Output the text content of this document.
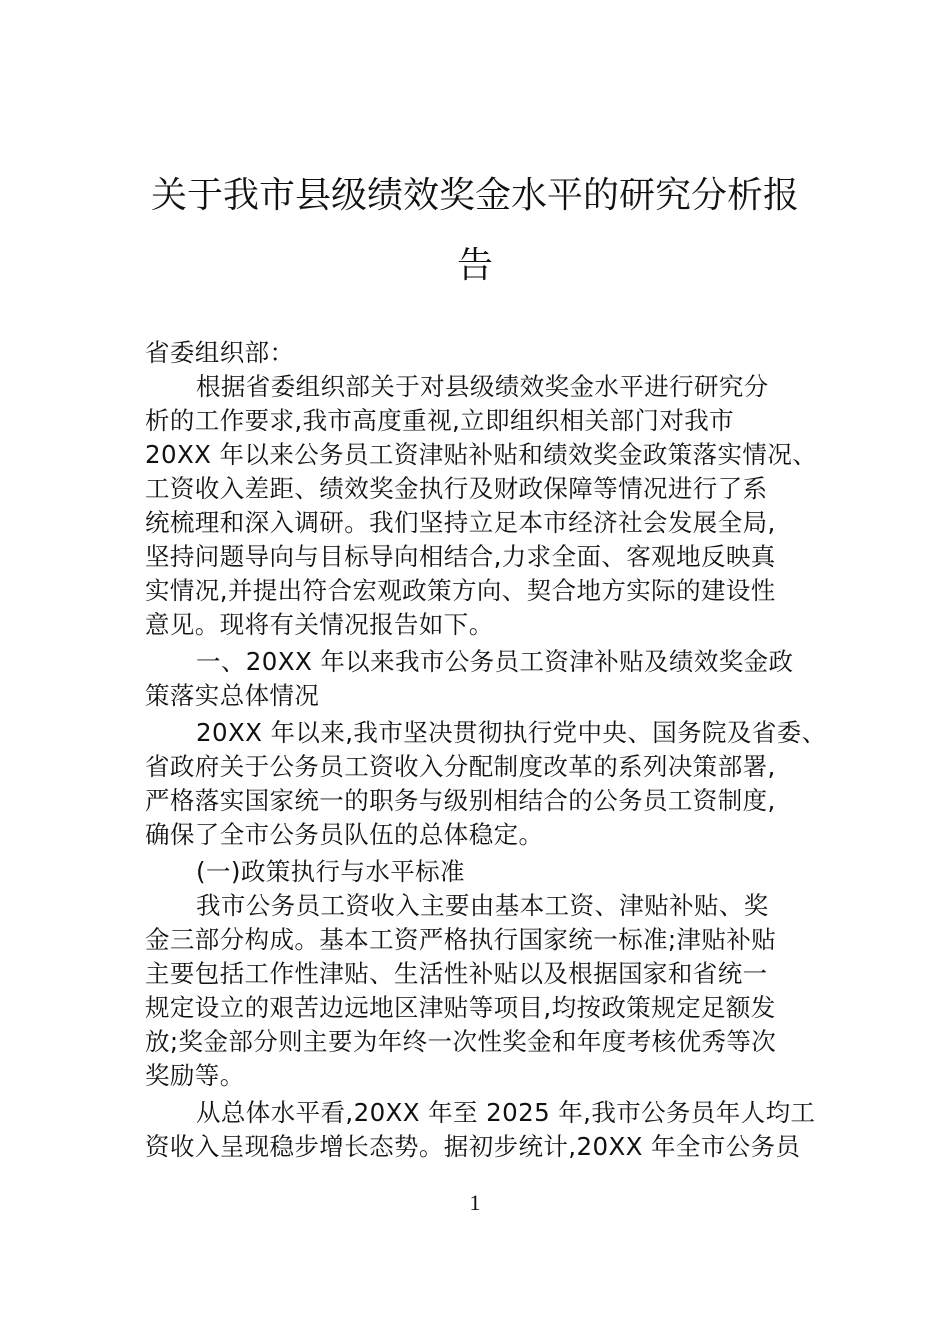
关于我市县级绩效奖金水平的研究分析报
告
省委组织部：
根据省委组织部关于对县级绩效奖金水平进行研究分
析的工作要求,我市高度重视,立即组织相关部门对我市
20XX 年以来公务员工资津贴补贴和绩效奖金政策落实情况、
工资收入差距、绩效奖金执行及财政保障等情况进行了系
统梳理和深入调研。我们坚持立足本市经济社会发展全局,
坚持问题导向与目标导向相结合,力求全面、客观地反映真
实情况,并提出符合宏观政策方向、契合地方实际的建设性
意见。现将有关情况报告如下。
一、20XX 年以来我市公务员工资津补贴及绩效奖金政
策落实总体情况
20XX 年以来,我市坚决贯彻执行党中央、国务院及省委、
省政府关于公务员工资收入分配制度改革的系列决策部署,
严格落实国家统一的职务与级别相结合的公务员工资制度,
确保了全市公务员队伍的总体稳定。
(一)政策执行与水平标准
我市公务员工资收入主要由基本工资、津贴补贴、奖
金三部分构成。基本工资严格执行国家统一标准;津贴补贴
主要包括工作性津贴、生活性补贴以及根据国家和省统一
规定设立的艰苦边远地区津贴等项目,均按政策规定足额发
放;奖金部分则主要为年终一次性奖金和年度考核优秀等次
奖励等。
从总体水平看,20XX 年至 2025 年,我市公务员年人均工
资收入呈现稳步增长态势。据初步统计,20XX 年全市公务员
1
